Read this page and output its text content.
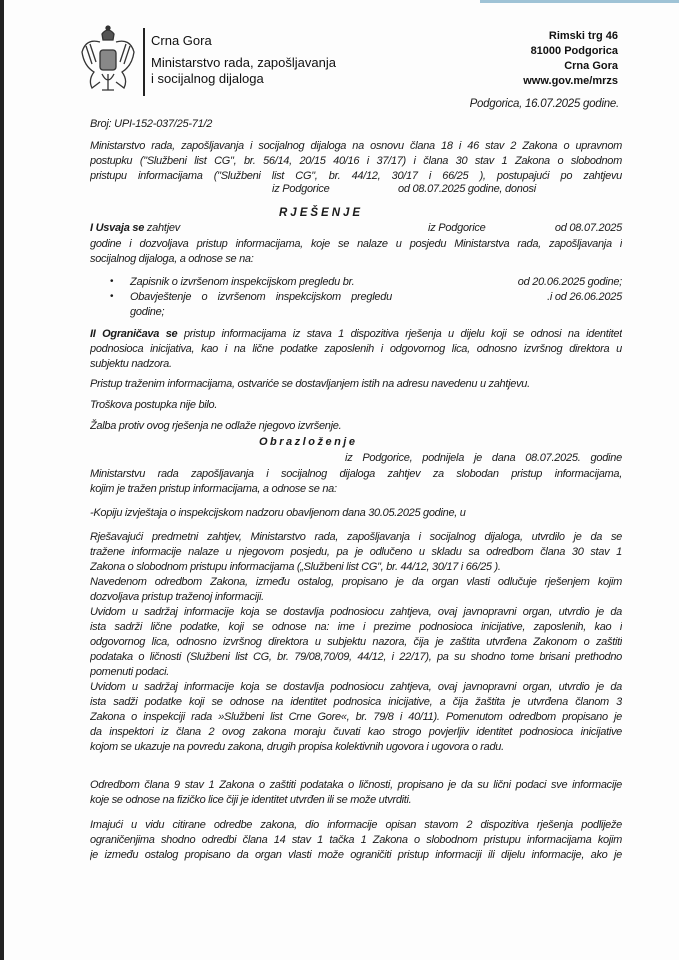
Crna Gora
Ministarstvo rada, zapošljavanja
i socijalnog dijaloga
Rimski trg 46
81000 Podgorica
Crna Gora
www.gov.me/mrzs
Podgorica, 16.07.2025 godine.
Broj: UPI-152-037/25-71/2
Ministarstvo rada, zapošljavanja i socijalnog dijaloga na osnovu člana 18 i 46 stav 2 Zakona o upravnom
postupku ("Službeni list CG", br. 56/14, 20/15 40/16 i 37/17) i člana 30 stav 1 Zakona o slobodnom
pristupu informacijama ("Službeni list CG", br. 44/12, 30/17 i 66/25 ), postupajući po zahtjevu
iz Podgorice	od 08.07.2025 godine, donosi
RJEŠENJE
I Usvaja se zahtjev	iz Podgorice	od 08.07.2025
godine i dozvoljava pristup informacijama, koje se nalaze u posjedu Ministarstva rada, zapošljavanja i
socijalnog dijaloga, a odnose se na:
• Zapisnik o izvršenom inspekcijskom pregledu br.	od 20.06.2025 godine;
• Obavještenje o izvršenom inspekcijskom pregledu	.i od 26.06.2025
godine;
II Ograničava se pristup informacijama iz stava 1 dispozitiva rješenja u dijelu koji se odnosi na identitet
podnosioca inicijativa, kao i na lične podatke zaposlenih i odgovornog lica, odnosno izvršnog direktora u
subjektu nadzora.
Pristup traženim informacijama, ostvariće se dostavljanjem istih na adresu navedenu u zahtjevu.
Troškova postupka nije bilo.
Žalba protiv ovog rješenja ne odlaže njegovo izvršenje.
Obrazloženje
iz Podgorice, podnijela je dana 08.07.2025. godine
Ministarstvu rada zapošljavanja i socijalnog dijaloga zahtjev za slobodan pristup informacijama,
kojim je tražen pristup informacijama, a odnose se na:
-Kopiju izvještaja o inspekcijskom nadzoru obavljenom dana 30.05.2025 godine, u
Rješavajući predmetni zahtjev, Ministarstvo rada, zapošljavanja i socijalnog dijaloga, utvrdilo je da se
tražene informacije nalaze u njegovom posjedu, pa je odlučeno u skladu sa odredbom člana 30 stav 1
Zakona o slobodnom pristupu informacijama („Službeni list CG", br. 44/12, 30/17 i 66/25 ).
Navedenom odredbom Zakona, između ostalog, propisano je da organ vlasti odlučuje rješenjem kojim
dozvoljava pristup traženoj informaciji.
Uvidom u sadržaj informacije koja se dostavlja podnosiocu zahtjeva, ovaj javnopravni organ, utvrdio je da
ista sadrži lične podatke, koji se odnose na: ime i prezime podnosioca inicijative, zaposlenih, kao i
odgovornog lica, odnosno izvršnog direktora u subjektu nazora, čija je zaštita utvrđena Zakonom o zaštiti
podataka o ličnosti (Službeni list CG, br. 79/08,70/09, 44/12, i 22/17), pa su shodno tome brisani prethodno
pomenuti podaci.
Uvidom u sadržaj informacije koja se dostavlja podnosiocu zahtjeva, ovaj javnopravni organ, utvrdio je da
ista sadži podatke koji se odnose na identitet podnosica inicijative, a čija žaštita je utvrđena članom 3
Zakona o inspekciji rada »Službeni list Crne Gore«, br. 79/8 i 40/11). Pomenutom odredbom propisano je
da inspektori iz člana 2 ovog zakona moraju čuvati kao strogo povjerljiv identitet podnosioca inicijative
kojom se ukazuje na povredu zakona, drugih propisa kolektivnih ugovora i ugovora o radu.
Odredbom člana 9 stav 1 Zakona o zaštiti podataka o ličnosti, propisano je da su lični podaci sve informacije
koje se odnose na fizičko lice čiji je identitet utvrđen ili se može utvrditi.
Imajući u vidu citirane odredbe zakona, dio informacije opisan stavom 2 dispozitiva rješenja podliježe
ograničenjima shodno odredbi člana 14 stav 1 tačka 1 Zakona o slobodnom pristupu informacijama kojim
je između ostalog propisano da organ vlasti može ograničiti pristup informaciji ili dijelu informacije, ako je
